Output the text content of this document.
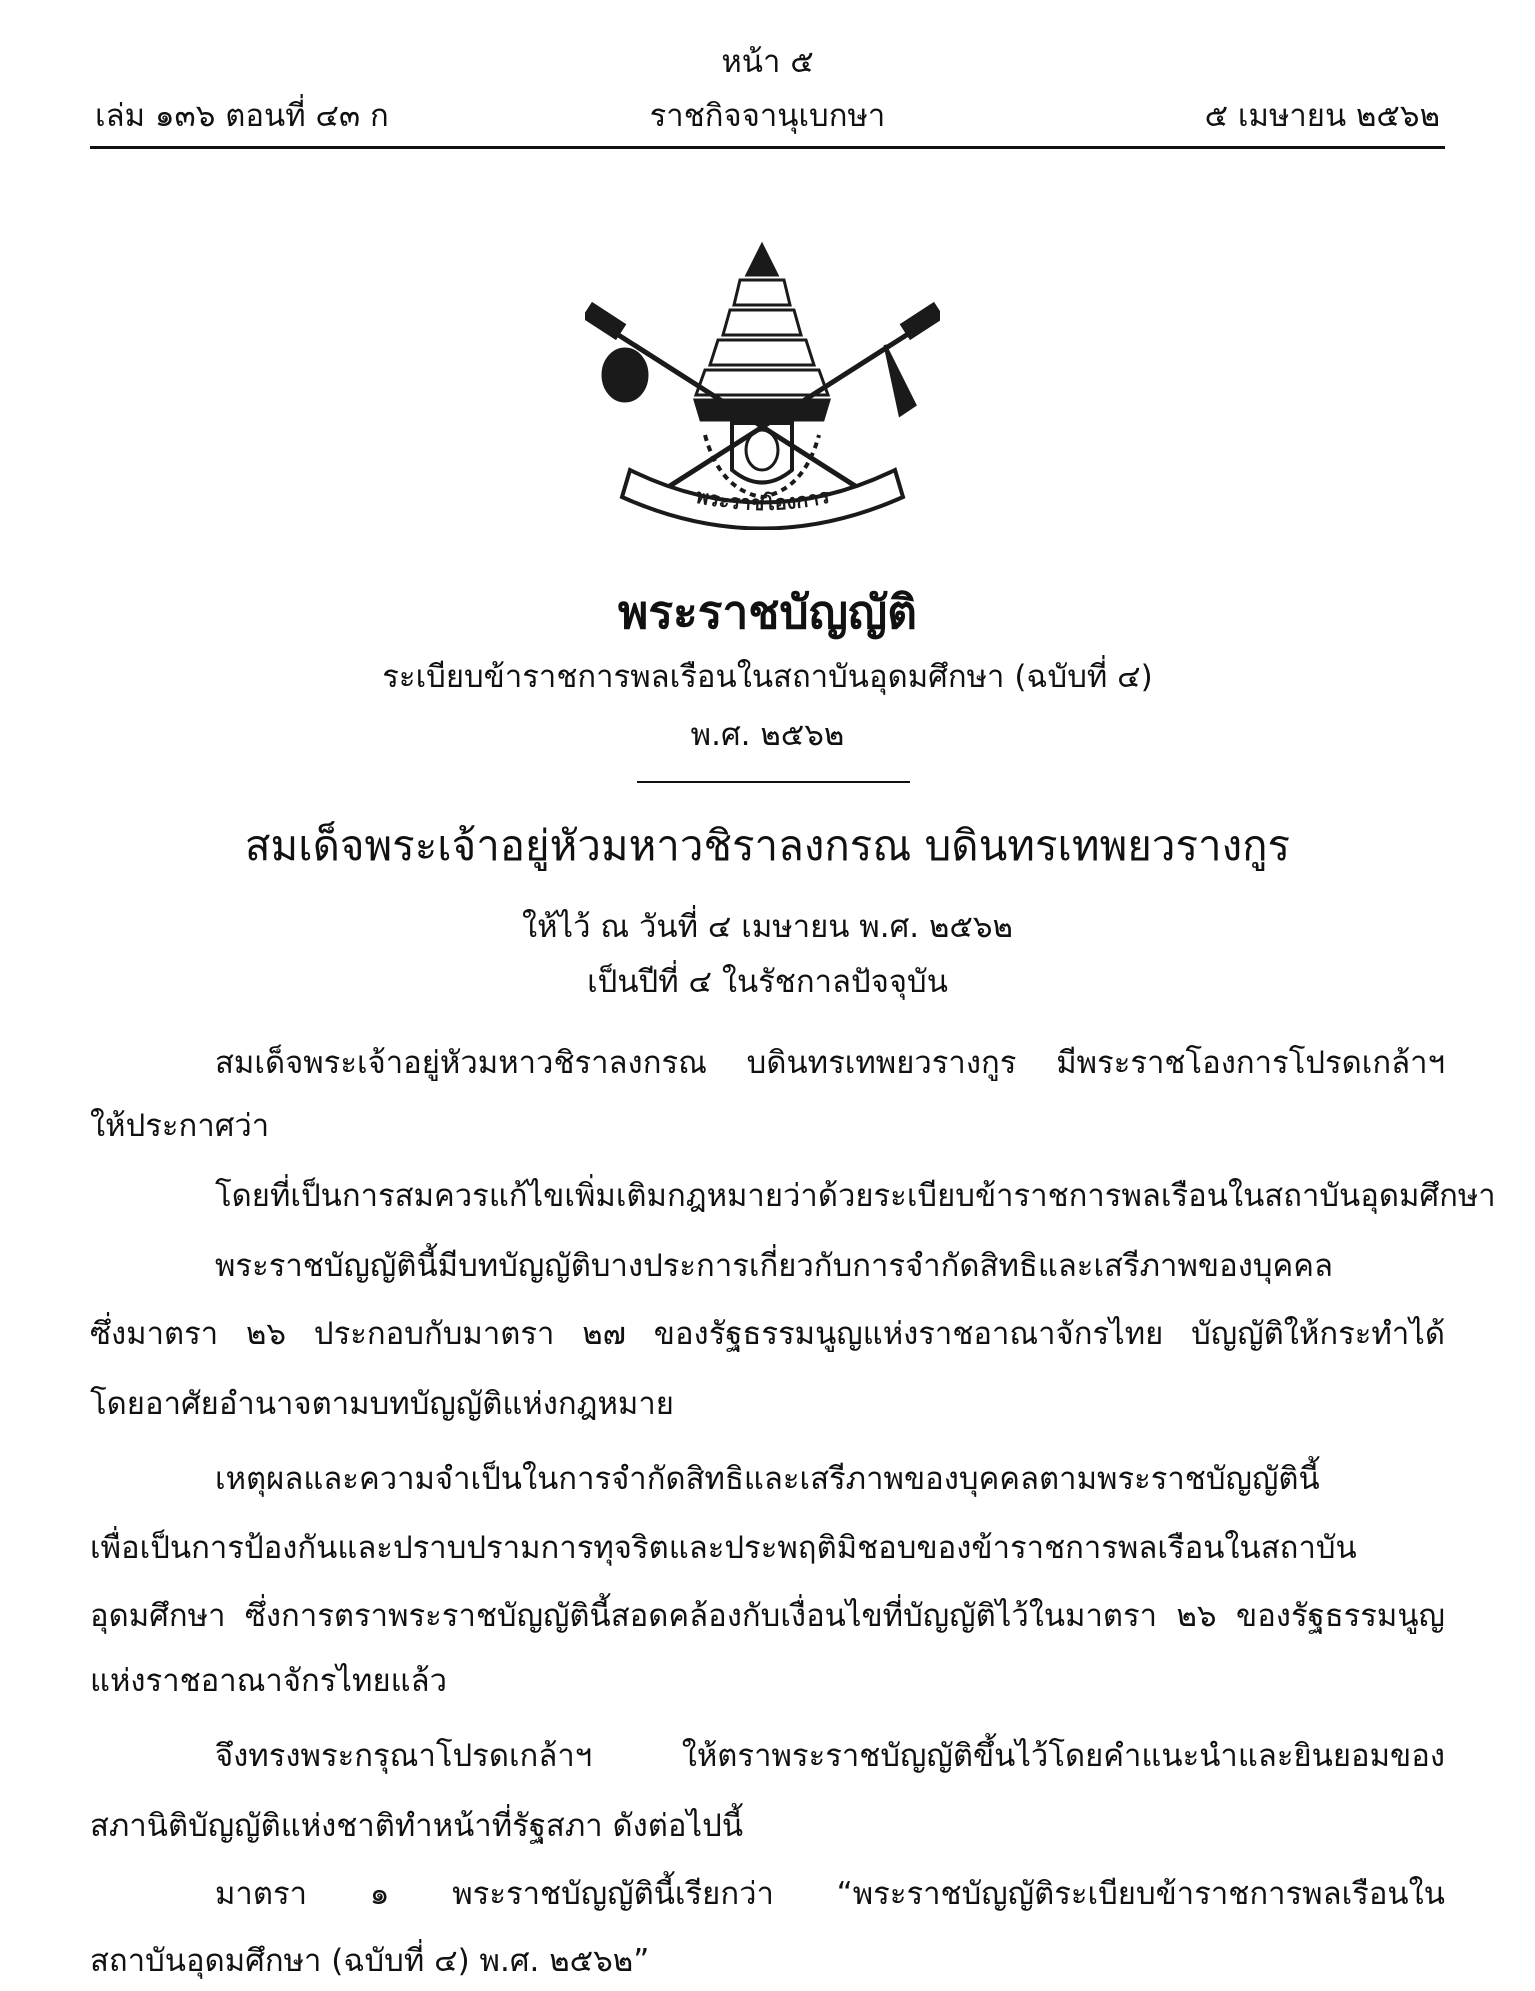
หน้า ๕
เล่ม ๑๓๖ ตอนที่ ๔๓ ก	ราชกิจจานุเบกษา	๕ เมษายน ๒๕๖๒
พระราชโองการ
พระราชบัญญัติ
ระเบียบข้าราชการพลเรือนในสถาบันอุดมศึกษา (ฉบับที่ ๔)
พ.ศ. ๒๕๖๒
สมเด็จพระเจ้าอยู่หัวมหาวชิราลงกรณ บดินทรเทพยวรางกูร
ให้ไว้ ณ วันที่ ๔ เมษายน พ.ศ. ๒๕๖๒
เป็นปีที่ ๔ ในรัชกาลปัจจุบัน
สมเด็จพระเจ้าอยู่หัวมหาวชิราลงกรณ บดินทรเทพยวรางกูร มีพระราชโองการโปรดเกล้าฯ
ให้ประกาศว่า
โดยที่เป็นการสมควรแก้ไขเพิ่มเติมกฎหมายว่าด้วยระเบียบข้าราชการพลเรือนในสถาบันอุดมศึกษา
พระราชบัญญัตินี้มีบทบัญญัติบางประการเกี่ยวกับการจำกัดสิทธิและเสรีภาพของบุคคล
ซึ่งมาตรา ๒๖ ประกอบกับมาตรา ๒๗ ของรัฐธรรมนูญแห่งราชอาณาจักรไทย บัญญัติให้กระทำได้
โดยอาศัยอำนาจตามบทบัญญัติแห่งกฎหมาย
เหตุผลและความจำเป็นในการจำกัดสิทธิและเสรีภาพของบุคคลตามพระราชบัญญัตินี้
เพื่อเป็นการป้องกันและปราบปรามการทุจริตและประพฤติมิชอบของข้าราชการพลเรือนในสถาบัน
อุดมศึกษา ซึ่งการตราพระราชบัญญัตินี้สอดคล้องกับเงื่อนไขที่บัญญัติไว้ในมาตรา ๒๖ ของรัฐธรรมนูญ
แห่งราชอาณาจักรไทยแล้ว
จึงทรงพระกรุณาโปรดเกล้าฯ	ให้ตราพระราชบัญญัติขึ้นไว้โดยคำแนะนำและยินยอมของ
สภานิติบัญญัติแห่งชาติทำหน้าที่รัฐสภา ดังต่อไปนี้
มาตรา ๑ พระราชบัญญัตินี้เรียกว่า “พระราชบัญญัติระเบียบข้าราชการพลเรือนใน
สถาบันอุดมศึกษา (ฉบับที่ ๔) พ.ศ. ๒๕๖๒”
